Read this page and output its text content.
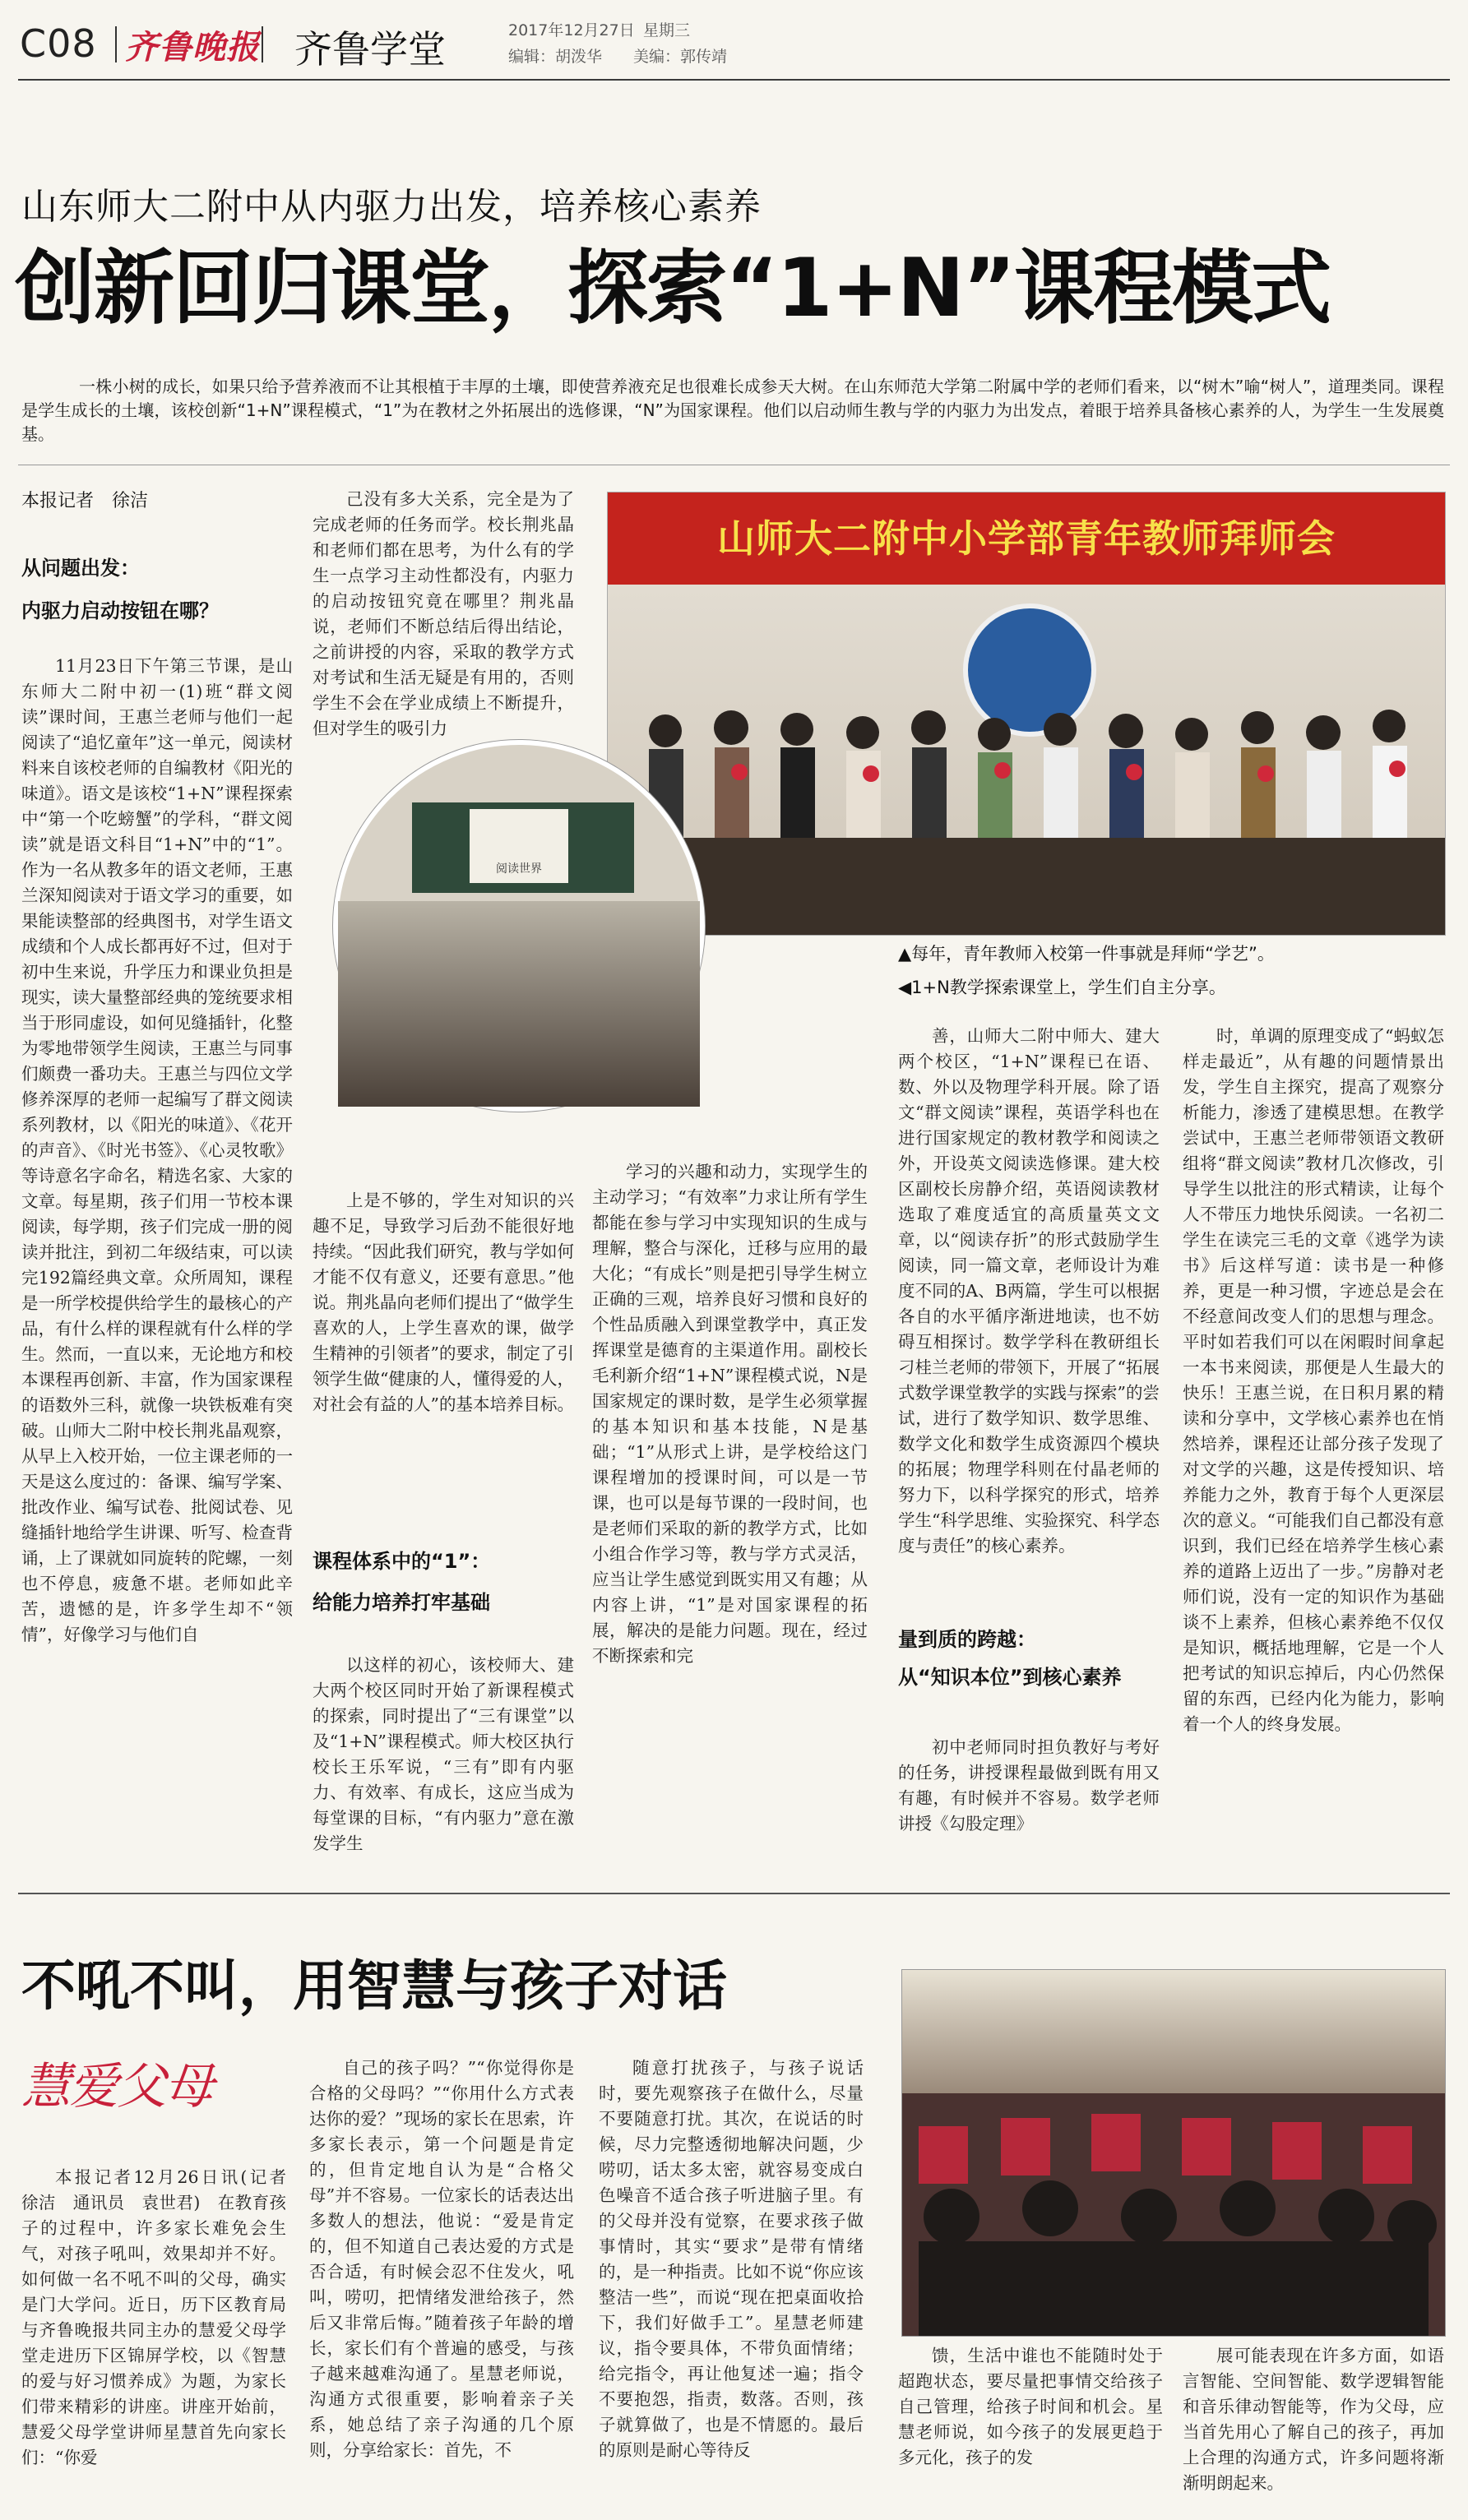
C08 齐鲁晚报 齐鲁学堂	2017年12月27日 星期三
编辑：胡泼华 美编：郭传靖
山东师大二附中从内驱力出发，培养核心素养
创新回归课堂，探索“1+N”课程模式
一株小树的成长，如果只给予营养液而不让其根植于丰厚的土壤，即使营养液充足也很难长成参天大树。在山东师范大学第二附属中学的老师们看来，以“树木”喻“树人”，道理类同。课程是学生成长的土壤，该校创新“1+N”课程模式，“1”为在教材之外拓展出的选修课，“N”为国家课程。他们以启动师生教与学的内驱力为出发点，着眼于培养具备核心素养的人，为学生一生发展奠基。
本报记者　徐洁
从问题出发：
内驱力启动按钮在哪？

11月23日下午第三节课，是山东师大二附中初一(1)班“群文阅读”课时间，王惠兰老师与他们一起阅读了“追忆童年”这一单元，阅读材料来自该校老师的自编教材《阳光的味道》。语文是该校“1+N”课程探索中“第一个吃螃蟹”的学科，“群文阅读”就是语文科目“1+N”中的“1”。作为一名从教多年的语文老师，王惠兰深知阅读对于语文学习的重要，如果能读整部的经典图书，对学生语文成绩和个人成长都再好不过，但对于初中生来说，升学压力和课业负担是现实，读大量整部经典的笼统要求相当于形同虚设，如何见缝插针，化整为零地带领学生阅读，王惠兰与同事们颇费一番功夫。王惠兰与四位文学修养深厚的老师一起编写了群文阅读系列教材，以《阳光的味道》、《花开的声音》、《时光书签》、《心灵牧歌》等诗意名字命名，精选名家、大家的文章。每星期，孩子们用一节校本课阅读，每学期，孩子们完成一册的阅读并批注，到初二年级结束，可以读完192篇经典文章。众所周知，课程是一所学校提供给学生的最核心的产品，有什么样的课程就有什么样的学生。然而，一直以来，无论地方和校本课程再创新、丰富，作为国家课程的语数外三科，就像一块铁板难有突破。山师大二附中校长荆兆晶观察，从早上入校开始，一位主课老师的一天是这么度过的：备课、编写学案、批改作业、编写试卷、批阅试卷、见缝插针地给学生讲课、听写、检查背诵，上了课就如同旋转的陀螺，一刻也不停息，疲惫不堪。老师如此辛苦，遗憾的是，许多学生却不“领情”，好像学习与他们自

己没有多大关系，完全是为了完成老师的任务而学。校长荆兆晶和老师们都在思考，为什么有的学生一点学习主动性都没有，内驱力的启动按钮究竟在哪里？荆兆晶说，老师们不断总结后得出结论，之前讲授的内容，采取的教学方式对考试和生活无疑是有用的，否则学生不会在学业成绩上不断提升，但对学生的吸引力

上是不够的，学生对知识的兴趣不足，导致学习后劲不能很好地持续。“因此我们研究，教与学如何才能不仅有意义，还要有意思。”他说。荆兆晶向老师们提出了“做学生喜欢的人，上学生喜欢的课，做学生精神的引领者”的要求，制定了引领学生做“健康的人，懂得爱的人，对社会有益的人”的基本培养目标。

课程体系中的“1”：
给能力培养打牢基础

以这样的初心，该校师大、建大两个校区同时开始了新课程模式的探索，同时提出了“三有课堂”以及“1+N”课程模式。师大校区执行校长王乐军说，“三有”即有内驱力、有效率、有成长，这应当成为每堂课的目标，“有内驱力”意在激发学生

学习的兴趣和动力，实现学生的主动学习；“有效率”力求让所有学生都能在参与学习中实现知识的生成与理解，整合与深化，迁移与应用的最大化；“有成长”则是把引导学生树立正确的三观，培养良好习惯和良好的个性品质融入到课堂教学中，真正发挥课堂是德育的主渠道作用。副校长毛利新介绍“1+N”课程模式说，N是国家规定的课时数，是学生必须掌握的基本知识和基本技能，N是基础；“1”从形式上讲，是学校给这门课程增加的授课时间，可以是一节课，也可以是每节课的一段时间，也是老师们采取的新的教学方式，比如小组合作学习等，教与学方式灵活，应当让学生感觉到既实用又有趣；从内容上讲，“1”是对国家课程的拓展，解决的是能力问题。现在，经过不断探索和完

善，山师大二附中师大、建大两个校区，“1+N”课程已在语、数、外以及物理学科开展。除了语文“群文阅读”课程，英语学科也在进行国家规定的教材教学和阅读之外，开设英文阅读选修课。建大校区副校长房静介绍，英语阅读教材选取了难度适宜的高质量英文文章，以“阅读存折”的形式鼓励学生阅读，同一篇文章，老师设计为难度不同的A、B两篇，学生可以根据各自的水平循序渐进地读，也不妨碍互相探讨。数学学科在教研组长刁桂兰老师的带领下，开展了“拓展式数学课堂教学的实践与探索”的尝试，进行了数学知识、数学思维、数学文化和数学生成资源四个模块的拓展；物理学科则在付晶老师的努力下，以科学探究的形式，培养学生“科学思维、实验探究、科学态度与责任”的核心素养。

量到质的跨越：
从“知识本位”到核心素养

初中老师同时担负教好与考好的任务，讲授课程最做到既有用又有趣，有时候并不容易。数学老师讲授《勾股定理》

时，单调的原理变成了“蚂蚁怎样走最近”，从有趣的问题情景出发，学生自主探究，提高了观察分析能力，渗透了建模思想。在教学尝试中，王惠兰老师带领语文教研组将“群文阅读”教材几次修改，引导学生以批注的形式精读，让每个人不带压力地快乐阅读。一名初二学生在读完三毛的文章《逃学为读书》后这样写道：读书是一种修养，更是一种习惯，字迹总是会在不经意间改变人们的思想与理念。平时如若我们可以在闲暇时间拿起一本书来阅读，那便是人生最大的快乐！王惠兰说，在日积月累的精读和分享中，文学核心素养也在悄然培养，课程还让部分孩子发现了对文学的兴趣，这是传授知识、培养能力之外，教育于每个人更深层次的意义。“可能我们自己都没有意识到，我们已经在培养学生核心素养的道路上迈出了一步。”房静对老师们说，没有一定的知识作为基础谈不上素养，但核心素养绝不仅仅是知识，概括地理解，它是一个人把考试的知识忘掉后，内心仍然保留的东西，已经内化为能力，影响着一个人的终身发展。

山师大二附中小学部青年教师拜师会
阅读世界
▲每年，青年教师入校第一件事就是拜师“学艺”。
◀1+N教学探索课堂上，学生们自主分享。
不吼不叫，用智慧与孩子对话
慧爱父母

本报记者12月26日讯(记者　徐洁　通讯员　袁世君)　在教育孩子的过程中，许多家长难免会生气，对孩子吼叫，效果却并不好。如何做一名不吼不叫的父母，确实是门大学问。近日，历下区教育局与齐鲁晚报共同主办的慧爱父母学堂走进历下区锦屏学校，以《智慧的爱与好习惯养成》为题，为家长们带来精彩的讲座。讲座开始前，慧爱父母学堂讲师星慧首先向家长们：“你爱

自己的孩子吗？”“你觉得你是合格的父母吗？”“你用什么方式表达你的爱？”现场的家长在思索，许多家长表示，第一个问题是肯定的，但肯定地自认为是“合格父母”并不容易。一位家长的话表达出多数人的想法，他说：“爱是肯定的，但不知道自己表达爱的方式是否合适，有时候会忍不住发火，吼叫，唠叨，把情绪发泄给孩子，然后又非常后悔。”随着孩子年龄的增长，家长们有个普遍的感受，与孩子越来越难沟通了。星慧老师说，沟通方式很重要，影响着亲子关系，她总结了亲子沟通的几个原则，分享给家长：首先，不

随意打扰孩子，与孩子说话时，要先观察孩子在做什么，尽量不要随意打扰。其次，在说话的时候，尽力完整透彻地解决问题，少唠叨，话太多太密，就容易变成白色噪音不适合孩子听进脑子里。有的父母并没有觉察，在要求孩子做事情时，其实“要求”是带有情绪的，是一种指责。比如不说“你应该整洁一些”，而说“现在把桌面收拾下，我们好做手工”。星慧老师建议，指令要具体，不带负面情绪；给完指令，再让他复述一遍；指令不要抱怨，指责，数落。否则，孩子就算做了，也是不情愿的。最后的原则是耐心等待反

馈，生活中谁也不能随时处于超跑状态，要尽量把事情交给孩子自己管理，给孩子时间和机会。星慧老师说，如今孩子的发展更趋于多元化，孩子的发

展可能表现在许多方面，如语言智能、空间智能、数学逻辑智能和音乐律动智能等，作为父母，应当首先用心了解自己的孩子，再加上合理的沟通方式，许多问题将渐渐明朗起来。
